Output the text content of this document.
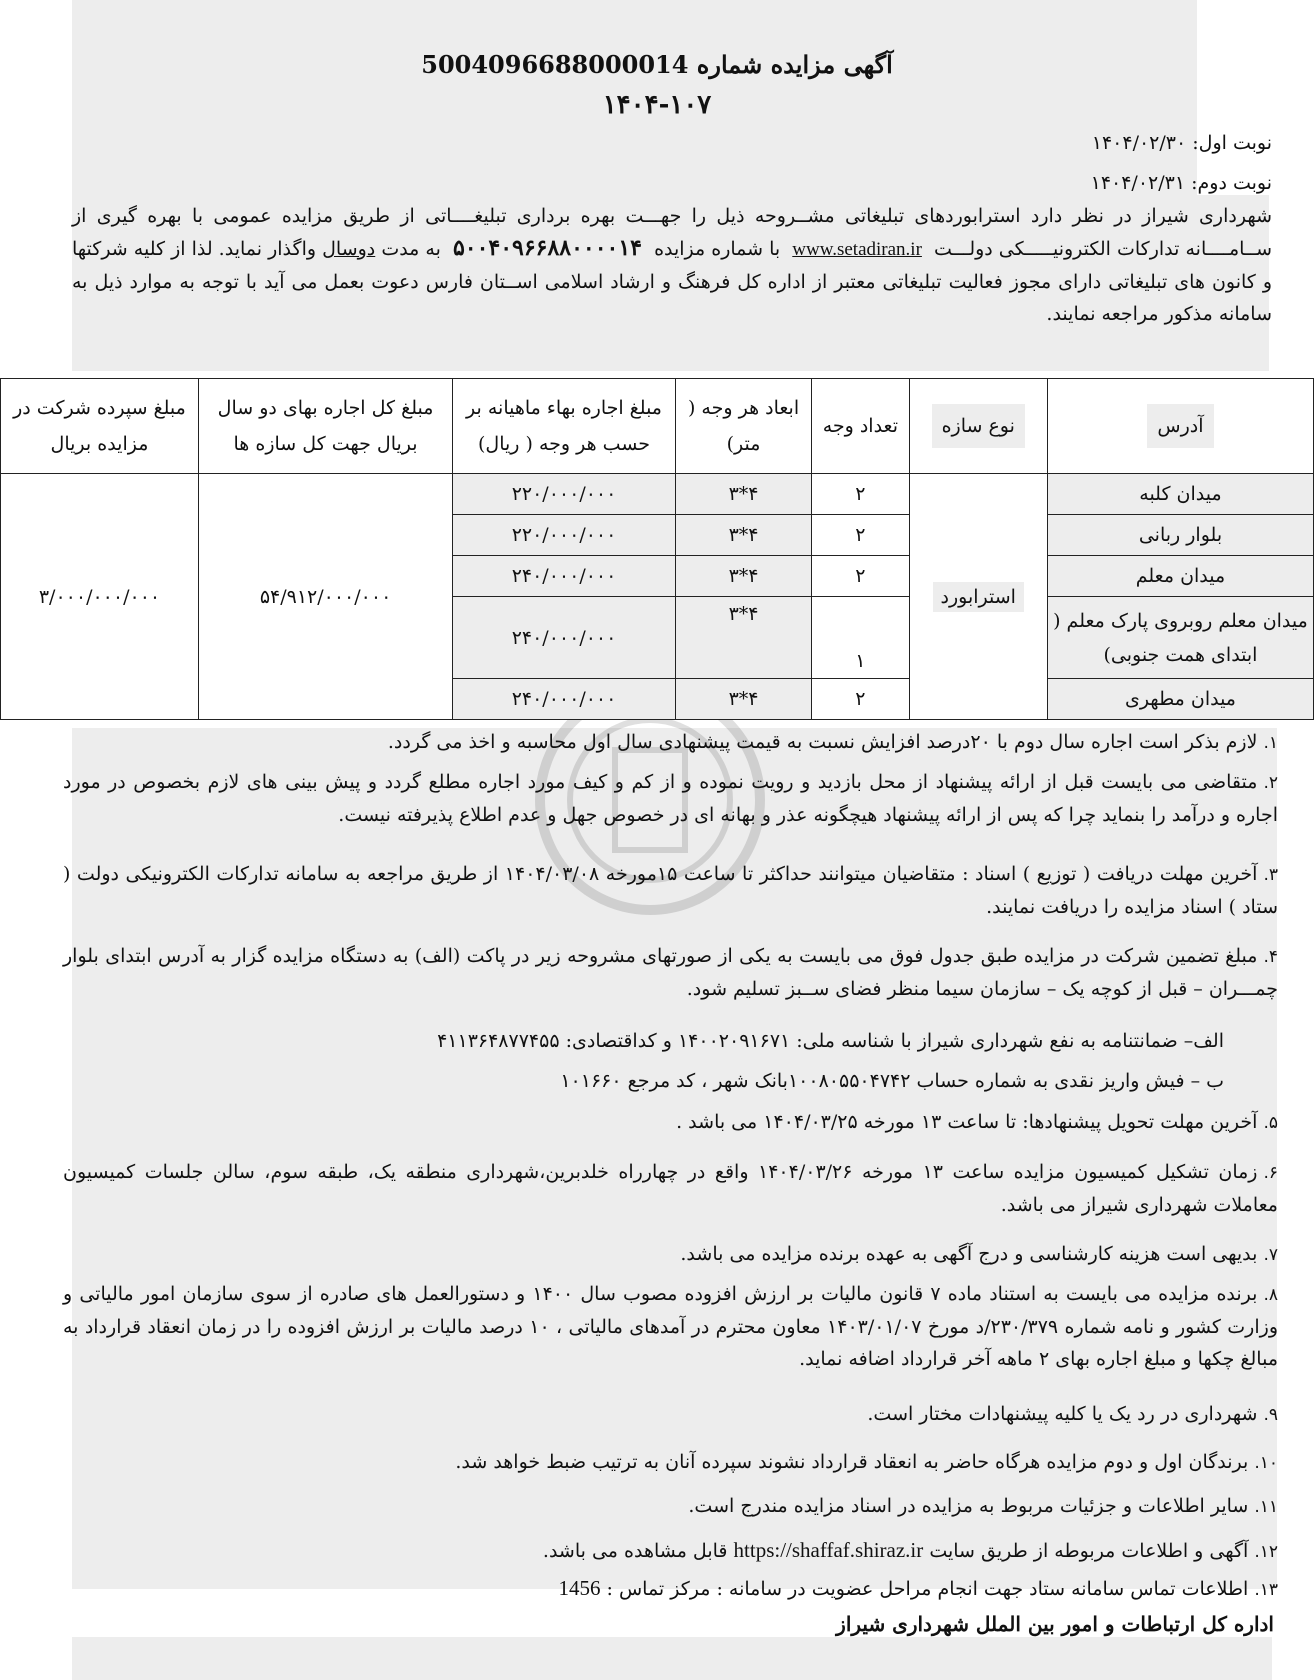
آگهی مزایده شماره 5004096688000014
۱۴۰۴-۱۰۷
نوبت اول: ۱۴۰۴/۰۲/۳۰
نوبت دوم: ۱۴۰۴/۰۲/۳۱
شهرداری شیراز در نظر دارد استرابوردهای تبلیغاتی مشــروحه ذیل را جهـــت بهره برداری تبلیغــــاتی از طریق مزایده عمومی با بهره گیری از ســامــــانه تدارکات الکترونیـــــکی دولـــت www.setadiran.ir با شماره مزایده ۵۰۰۴۰۹۶۶۸۸۰۰۰۰۱۴ به مدت دوسال واگذار نماید. لذا از کلیه شرکتها و کانون های تبلیغاتی دارای مجوز فعالیت تبلیغاتی معتبر از اداره کل فرهنگ و ارشاد اسلامی اســتان فارس دعوت بعمل می آید با توجه به موارد ذیل به سامانه مذکور مراجعه نمایند.
آدرس	نوع سازه	تعداد وجه	ابعاد هر وجه ( متر)	مبلغ اجاره بهاء ماهیانه بر حسب هر وجه ( ریال)	مبلغ کل اجاره بهای دو سال بریال جهت کل سازه ها	مبلغ سپرده شرکت در مزایده بریال
میدان کلبه	استرابورد	۲	۴*۳	۲۲۰/۰۰۰/۰۰۰	۵۴/۹۱۲/۰۰۰/۰۰۰	۳/۰۰۰/۰۰۰/۰۰۰
بلوار ربانی		۲	۴*۳	۲۲۰/۰۰۰/۰۰۰		
میدان معلم		۲	۴*۳	۲۴۰/۰۰۰/۰۰۰		
میدان معلم روبروی پارک معلم ( ابتدای همت جنوبی)		۱	۴*۳	۲۴۰/۰۰۰/۰۰۰		
میدان مطهری		۲	۴*۳	۲۴۰/۰۰۰/۰۰۰		
۱.لازم بذکر است اجاره سال دوم با ۲۰درصد افزایش نسبت به قیمت پیشنهادی سال اول محاسبه و اخذ می گردد.
۲.متقاضی می بایست قبل از ارائه پیشنهاد از محل بازدید و رویت نموده و از کم و کیف مورد اجاره مطلع گردد و پیش بینی های لازم بخصوص در مورد اجاره و درآمد را بنماید چرا که پس از ارائه پیشنهاد هیچگونه عذر و بهانه ای در خصوص جهل و عدم اطلاع پذیرفته نیست.
۳.آخرین مهلت دریافت ( توزیع ) اسناد : متقاضیان میتوانند حداکثر تا ساعت ۱۵مورخه ۱۴۰۴/۰۳/۰۸ از طریق مراجعه به سامانه تدارکات الکترونیکی دولت ( ستاد ) اسناد مزایده را دریافت نمایند.
۴.مبلغ تضمین شرکت در مزایده طبق جدول فوق می بایست به یکی از صورتهای مشروحه زیر در پاکت (الف) به دستگاه مزایده گزار به آدرس ابتدای بلوار چمـــران – قبل از کوچه یک – سازمان سیما منظر فضای ســبز تسلیم شود.
الف– ضمانتنامه به نفع شهرداری شیراز با شناسه ملی: ۱۴۰۰۲۰۹۱۶۷۱ و کداقتصادی: ۴۱۱۳۶۴۸۷۷۴۵۵
ب – فیش واریز نقدی به شماره حساب ۱۰۰۸۰۵۵۰۴۷۴۲بانک شهر ، کد مرجع ۱۰۱۶۶۰
۵.آخرین مهلت تحویل پیشنهادها: تا ساعت ۱۳ مورخه ۱۴۰۴/۰۳/۲۵ می باشد .
۶.زمان تشکیل کمیسیون مزایده ساعت ۱۳ مورخه ۱۴۰۴/۰۳/۲۶ واقع در چهارراه خلدبرین،شهرداری منطقه یک، طبقه سوم، سالن جلسات کمیسیون معاملات شهرداری شیراز می باشد.
۷.بدیهی است هزینه کارشناسی و درج آگهی به عهده برنده مزایده می باشد.
۸.برنده مزایده می بایست به استناد ماده ۷ قانون مالیات بر ارزش افزوده مصوب سال ۱۴۰۰ و دستورالعمل های صادره از سوی سازمان امور مالیاتی و وزارت کشور و نامه شماره ۲۳۰/۳۷۹/د مورخ ۱۴۰۳/۰۱/۰۷ معاون محترم در آمدهای مالیاتی ، ۱۰ درصد مالیات بر ارزش افزوده را در زمان انعقاد قرارداد به مبالغ چکها و مبلغ اجاره بهای ۲ ماهه آخر قرارداد اضافه نماید.
۹.شهرداری در رد یک یا کلیه پیشنهادات مختار است.
۱۰.برندگان اول و دوم مزایده هرگاه حاضر به انعقاد قرارداد نشوند سپرده آنان به ترتیب ضبط خواهد شد.
۱۱.سایر اطلاعات و جزئیات مربوط به مزایده در اسناد مزایده مندرج است.
۱۲.آگهی و اطلاعات مربوطه از طریق سایت https://shaffaf.shiraz.ir قابل مشاهده می باشد.
۱۳.اطلاعات تماس سامانه ستاد جهت انجام مراحل عضویت در سامانه : مرکز تماس : 1456
اداره کل ارتباطات و امور بین الملل شهرداری شیراز
